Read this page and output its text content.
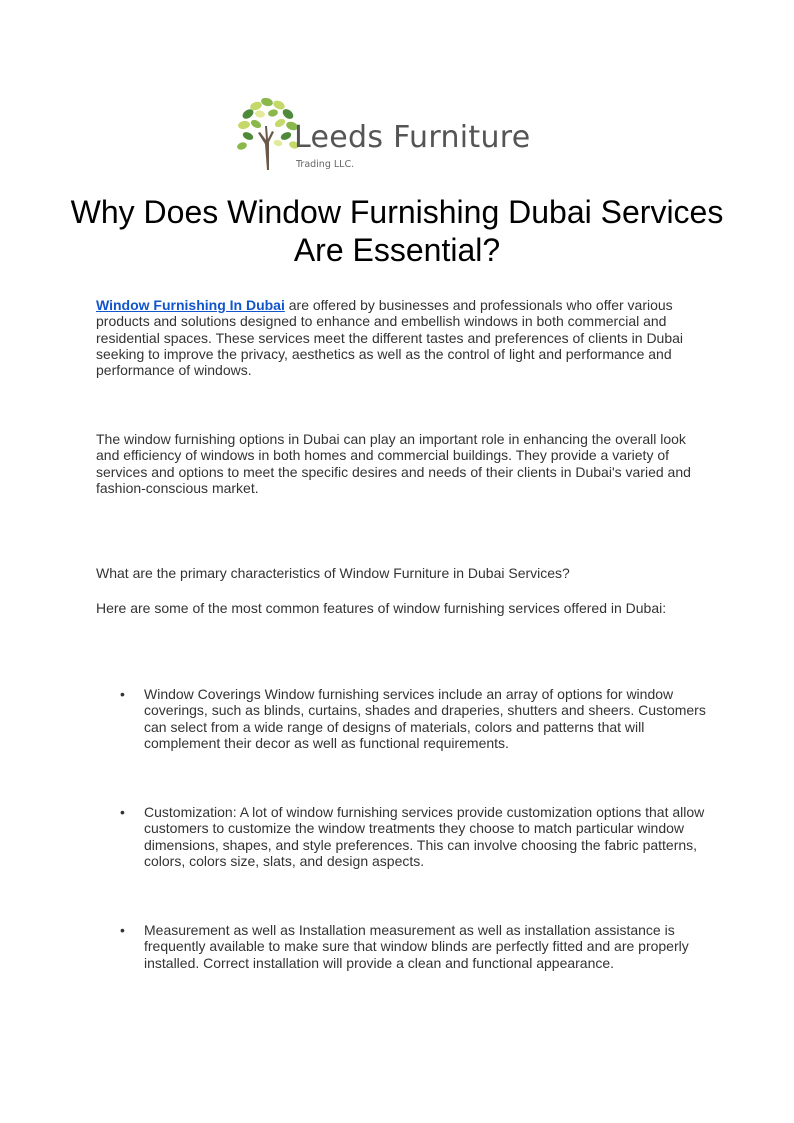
Leeds Furniture
Trading LLC.
Why Does Window Furnishing Dubai Services Are Essential?

Window Furnishing In Dubai are offered by businesses and professionals who offer various products and solutions designed to enhance and embellish windows in both commercial and residential spaces. These services meet the different tastes and preferences of clients in Dubai seeking to improve the privacy, aesthetics as well as the control of light and performance and performance of windows.

The window furnishing options in Dubai can play an important role in enhancing the overall look and efficiency of windows in both homes and commercial buildings. They provide a variety of services and options to meet the specific desires and needs of their clients in Dubai's varied and fashion-conscious market.

What are the primary characteristics of Window Furniture in Dubai Services?

Here are some of the most common features of window furnishing services offered in Dubai:

• Window Coverings Window furnishing services include an array of options for window coverings, such as blinds, curtains, shades and draperies, shutters and sheers. Customers can select from a wide range of designs of materials, colors and patterns that will complement their decor as well as functional requirements.
• Customization: A lot of window furnishing services provide customization options that allow customers to customize the window treatments they choose to match particular window dimensions, shapes, and style preferences. This can involve choosing the fabric patterns, colors, colors size, slats, and design aspects.
• Measurement as well as Installation measurement as well as installation assistance is frequently available to make sure that window blinds are perfectly fitted and are properly installed. Correct installation will provide a clean and functional appearance.
